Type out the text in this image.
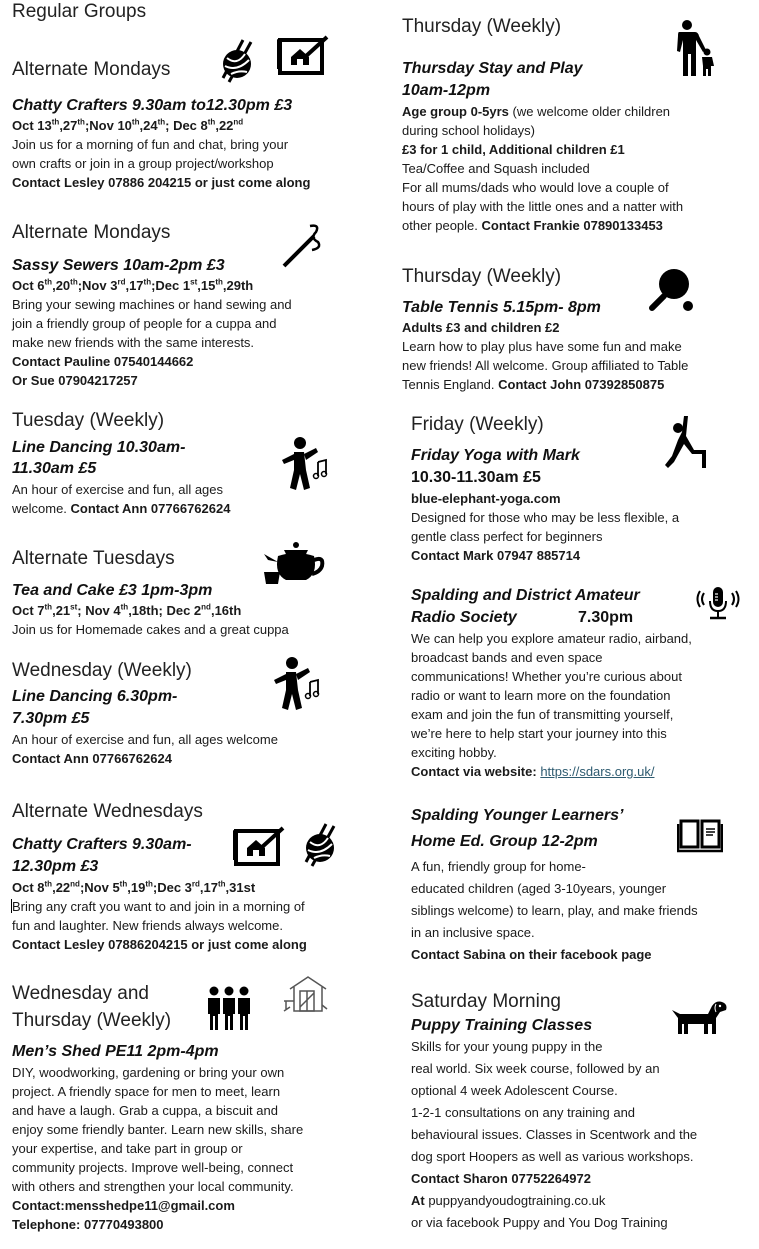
Regular Groups
Alternate Mondays
Chatty Crafters 9.30am to12.30pm £3
Oct 13th,27th;Nov 10th,24th; Dec 8th,22nd
Join us for a morning of fun and chat, bring your
own crafts or join in a group project/workshop
Contact Lesley 07886 204215 or just come along
Alternate Mondays
Sassy Sewers 10am-2pm £3
Oct 6th,20th;Nov 3rd,17th;Dec 1st,15th,29th
Bring your sewing machines or hand sewing and
join a friendly group of people for a cuppa and
make new friends with the same interests.
Contact Pauline 07540144662
Or Sue 07904217257
Tuesday (Weekly)
Line Dancing 10.30am-
11.30am £5
An hour of exercise and fun, all ages
welcome. Contact Ann 07766762624
Alternate Tuesdays
Tea and Cake £3 1pm-3pm
Oct 7th,21st; Nov 4th,18th; Dec 2nd,16th
Join us for Homemade cakes and a great cuppa
Wednesday (Weekly)
Line Dancing 6.30pm-
7.30pm £5
An hour of exercise and fun, all ages welcome
Contact Ann 07766762624
Alternate Wednesdays
Chatty Crafters 9.30am-
12.30pm £3
Oct 8th,22nd;Nov 5th,19th;Dec 3rd,17th,31st
Bring any craft you want to and join in a morning of
fun and laughter. New friends always welcome.
Contact Lesley 07886204215 or just come along
Wednesday and
Thursday (Weekly)
Men’s Shed PE11 2pm-4pm
DIY, woodworking, gardening or bring your own
project. A friendly space for men to meet, learn
and have a laugh. Grab a cuppa, a biscuit and
enjoy some friendly banter. Learn new skills, share
your expertise, and take part in group or
community projects. Improve well-being, connect
with others and strengthen your local community.
Contact:mensshedpe11@gmail.com
Telephone: 07770493800
Thursday (Weekly)
Thursday Stay and Play
10am-12pm
Age group 0-5yrs (we welcome older children
during school holidays)
£3 for 1 child, Additional children £1
Tea/Coffee and Squash included
For all mums/dads who would love a couple of
hours of play with the little ones and a natter with
other people. Contact Frankie 07890133453
Thursday (Weekly)
Table Tennis 5.15pm- 8pm
Adults £3 and children £2
Learn how to play plus have some fun and make
new friends! All welcome. Group affiliated to Table
Tennis England. Contact John 07392850875
Friday (Weekly)
Friday Yoga with Mark
10.30-11.30am £5
blue-elephant-yoga.com
Designed for those who may be less flexible, a
gentle class perfect for beginners
Contact Mark 07947 885714
Spalding and District Amateur
Radio Society	7.30pm
We can help you explore amateur radio, airband,
broadcast bands and even space
communications! Whether you’re curious about
radio or want to learn more on the foundation
exam and join the fun of transmitting yourself,
we’re here to help start your journey into this
exciting hobby.
Contact via website: https://sdars.org.uk/
Spalding Younger Learners’
Home Ed. Group 12-2pm
A fun, friendly group for home-
educated children (aged 3-10years, younger
siblings welcome) to learn, play, and make friends
in an inclusive space.
Contact Sabina on their facebook page
Saturday Morning
Puppy Training Classes
Skills for your young puppy in the
real world. Six week course, followed by an
optional 4 week Adolescent Course.
1-2-1 consultations on any training and
behavioural issues. Classes in Scentwork and the
dog sport Hoopers as well as various workshops.
Contact Sharon 07752264972
At puppyandyoudogtraining.co.uk
or via facebook Puppy and You Dog Training
